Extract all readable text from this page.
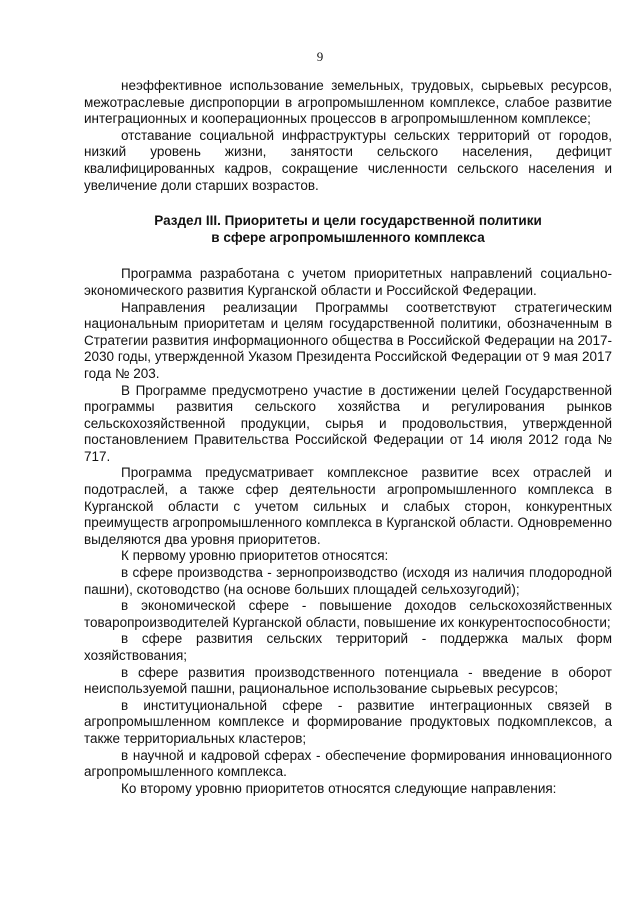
9

неэффективное использование земельных, трудовых, сырьевых ресурсов, межотраслевые диспропорции в агропромышленном комплексе, слабое развитие интеграционных и кооперационных процессов в агропромышленном комплексе;

отставание социальной инфраструктуры сельских территорий от городов, низкий уровень жизни, занятости сельского населения, дефицит квалифицированных кадров, сокращение численности сельского населения и увеличение доли старших возрастов.

Раздел III. Приоритеты и цели государственной политики
в сфере агропромышленного комплекса

Программа разработана с учетом приоритетных направлений социально-экономического развития Курганской области и Российской Федерации.

Направления реализации Программы соответствуют стратегическим национальным приоритетам и целям государственной политики, обозначенным в Стратегии развития информационного общества в Российской Федерации на 2017-2030 годы, утвержденной Указом Президента Российской Федерации от 9 мая 2017 года № 203.

В Программе предусмотрено участие в достижении целей Государственной программы развития сельского хозяйства и регулирования рынков сельскохозяйственной продукции, сырья и продовольствия, утвержденной постановлением Правительства Российской Федерации от 14 июля 2012 года № 717.

Программа предусматривает комплексное развитие всех отраслей и подотраслей, а также сфер деятельности агропромышленного комплекса в Курганской области с учетом сильных и слабых сторон, конкурентных преимуществ агропромышленного комплекса в Курганской области. Одновременно выделяются два уровня приоритетов.

К первому уровню приоритетов относятся:

в сфере производства - зернопроизводство (исходя из наличия плодородной пашни), скотоводство (на основе больших площадей сельхозугодий);

в экономической сфере - повышение доходов сельскохозяйственных товаропроизводителей Курганской области, повышение их конкурентоспособности;

в сфере развития сельских территорий - поддержка малых форм хозяйствования;

в сфере развития производственного потенциала - введение в оборот неиспользуемой пашни, рациональное использование сырьевых ресурсов;

в институциональной сфере - развитие интеграционных связей в агропромышленном комплексе и формирование продуктовых подкомплексов, а также территориальных кластеров;

в научной и кадровой сферах - обеспечение формирования инновационного агропромышленного комплекса.

Ко второму уровню приоритетов относятся следующие направления:
